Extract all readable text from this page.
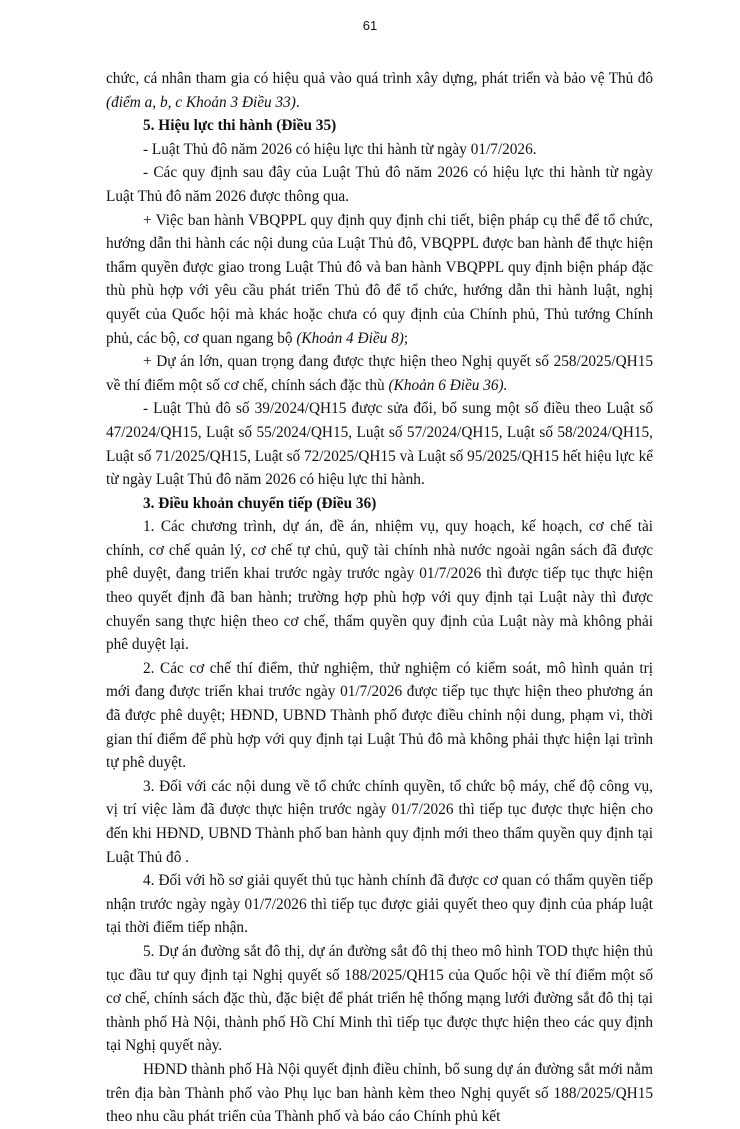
61

chức, cá nhân tham gia có hiệu quả vào quá trình xây dựng, phát triển và bảo vệ Thủ đô (điểm a, b, c Khoản 3 Điều 33).

5. Hiệu lực thi hành (Điều 35)

- Luật Thủ đô năm 2026 có hiệu lực thi hành từ ngày 01/7/2026.

- Các quy định sau đây của Luật Thủ đô năm 2026 có hiệu lực thi hành từ ngày Luật Thủ đô năm 2026 được thông qua.

+ Việc ban hành VBQPPL quy định quy định chi tiết, biện pháp cụ thể để tổ chức, hướng dẫn thi hành các nội dung của Luật Thủ đô, VBQPPL được ban hành để thực hiện thẩm quyền được giao trong Luật Thủ đô và ban hành VBQPPL quy định biện pháp đặc thù phù hợp với yêu cầu phát triển Thủ đô để tổ chức, hướng dẫn thi hành luật, nghị quyết của Quốc hội mà khác hoặc chưa có quy định của Chính phủ, Thủ tướng Chính phủ, các bộ, cơ quan ngang bộ (Khoản 4 Điều 8);

+ Dự án lớn, quan trọng đang được thực hiện theo Nghị quyết số 258/2025/QH15 về thí điểm một số cơ chế, chính sách đặc thù (Khoản 6 Điều 36).

- Luật Thủ đô số 39/2024/QH15 được sửa đổi, bổ sung một số điều theo Luật số 47/2024/QH15, Luật số 55/2024/QH15, Luật số 57/2024/QH15, Luật số 58/2024/QH15, Luật số 71/2025/QH15, Luật số 72/2025/QH15 và Luật số 95/2025/QH15 hết hiệu lực kể từ ngày Luật Thủ đô năm 2026 có hiệu lực thi hành.

3. Điều khoản chuyển tiếp (Điều 36)

1. Các chương trình, dự án, đề án, nhiệm vụ, quy hoạch, kế hoạch, cơ chế tài chính, cơ chế quản lý, cơ chế tự chủ, quỹ tài chính nhà nước ngoài ngân sách đã được phê duyệt, đang triển khai trước ngày trước ngày 01/7/2026 thì được tiếp tục thực hiện theo quyết định đã ban hành; trường hợp phù hợp với quy định tại Luật này thì được chuyển sang thực hiện theo cơ chế, thẩm quyền quy định của Luật này mà không phải phê duyệt lại.

2. Các cơ chế thí điểm, thử nghiệm, thử nghiệm có kiểm soát, mô hình quản trị mới đang được triển khai trước ngày 01/7/2026 được tiếp tục thực hiện theo phương án đã được phê duyệt; HĐND, UBND Thành phố được điều chỉnh nội dung, phạm vi, thời gian thí điểm để phù hợp với quy định tại Luật Thủ đô mà không phải thực hiện lại trình tự phê duyệt.

3. Đối với các nội dung về tổ chức chính quyền, tổ chức bộ máy, chế độ công vụ, vị trí việc làm đã được thực hiện trước ngày 01/7/2026 thì tiếp tục được thực hiện cho đến khi HĐND, UBND Thành phố ban hành quy định mới theo thẩm quyền quy định tại Luật Thủ đô .

4. Đối với hồ sơ giải quyết thủ tục hành chính đã được cơ quan có thẩm quyền tiếp nhận trước ngày ngày 01/7/2026 thì tiếp tục được giải quyết theo quy định của pháp luật tại thời điểm tiếp nhận.

5. Dự án đường sắt đô thị, dự án đường sắt đô thị theo mô hình TOD thực hiện thủ tục đầu tư quy định tại Nghị quyết số 188/2025/QH15 của Quốc hội về thí điểm một số cơ chế, chính sách đặc thù, đặc biệt để phát triển hệ thống mạng lưới đường sắt đô thị tại thành phố Hà Nội, thành phố Hồ Chí Minh thì tiếp tục được thực hiện theo các quy định tại Nghị quyết này.

HĐND thành phố Hà Nội quyết định điều chỉnh, bổ sung dự án đường sắt mới nằm trên địa bàn Thành phố vào Phụ lục ban hành kèm theo Nghị quyết số 188/2025/QH15 theo nhu cầu phát triển của Thành phố và báo cáo Chính phủ kết
